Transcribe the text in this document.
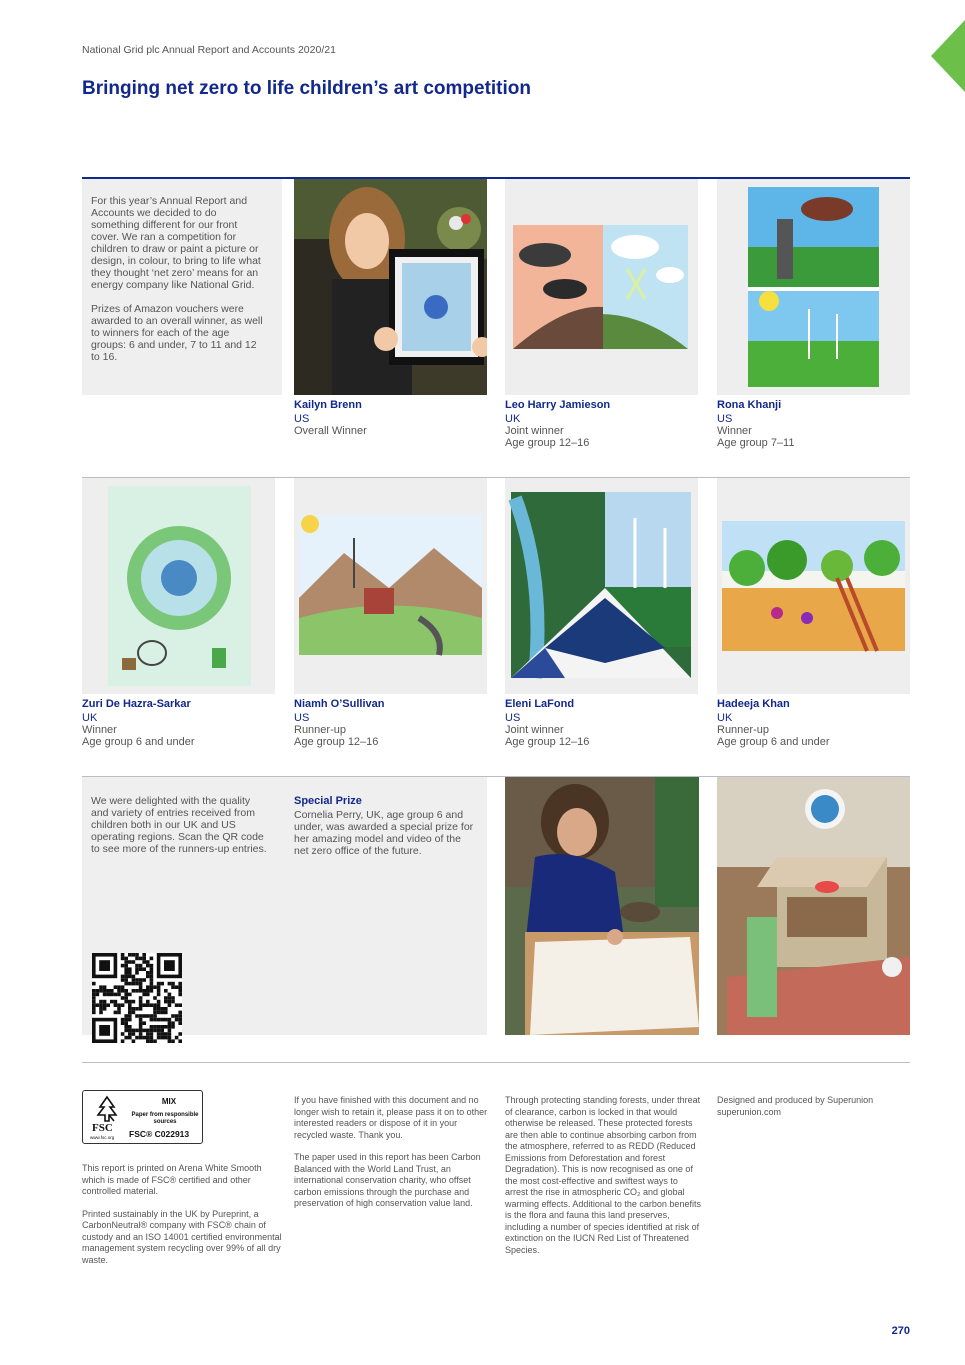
National Grid plc Annual Report and Accounts 2020/21
Bringing net zero to life children’s art competition

For this year’s Annual Report and Accounts we decided to do something different for our front cover. We ran a competition for children to draw or paint a picture or design, in colour, to bring to life what they thought ‘net zero’ means for an energy company like National Grid.

Prizes of Amazon vouchers were awarded to an overall winner, as well to winners for each of the age groups: 6 and under, 7 to 11 and 12 to 16.

Kailyn Brenn
US
Overall Winner
Leo Harry Jamieson
UK
Joint winner
Age group 12–16
Rona Khanji
US
Winner
Age group 7–11
Zuri De Hazra-Sarkar
UK
Winner
Age group 6 and under
Niamh O’Sullivan
US
Runner-up
Age group 12–16
Eleni LaFond
US
Joint winner
Age group 12–16
Hadeeja Khan
UK
Runner-up
Age group 6 and under
We were delighted with the quality and variety of entries received from children both in our UK and US operating regions. Scan the QR code to see more of the runners-up entries.
Special Prize
Cornelia Perry, UK, age group 6 and under, was awarded a special prize for her amazing model and video of the net zero office of the future.
FSC
www.fsc.org
MIX
Paper from responsible sources
FSC® C022913

This report is printed on Arena White Smooth which is made of FSC® certified and other controlled material.

Printed sustainably in the UK by Pureprint, a CarbonNeutral® company with FSC® chain of custody and an ISO 14001 certified environmental management system recycling over 99% of all dry waste.

If you have finished with this document and no longer wish to retain it, please pass it on to other interested readers or dispose of it in your recycled waste. Thank you.

The paper used in this report has been Carbon Balanced with the World Land Trust, an international conservation charity, who offset carbon emissions through the purchase and preservation of high conservation value land.

Through protecting standing forests, under threat of clearance, carbon is locked in that would otherwise be released. These protected forests are then able to continue absorbing carbon from the atmosphere, referred to as REDD (Reduced Emissions from Deforestation and forest Degradation). This is now recognised as one of the most cost-effective and swiftest ways to arrest the rise in atmospheric CO₂ and global warming effects. Additional to the carbon benefits is the flora and fauna this land preserves, including a number of species identified at risk of extinction on the IUCN Red List of Threatened Species.

Designed and produced by Superunion

superunion.com

270
